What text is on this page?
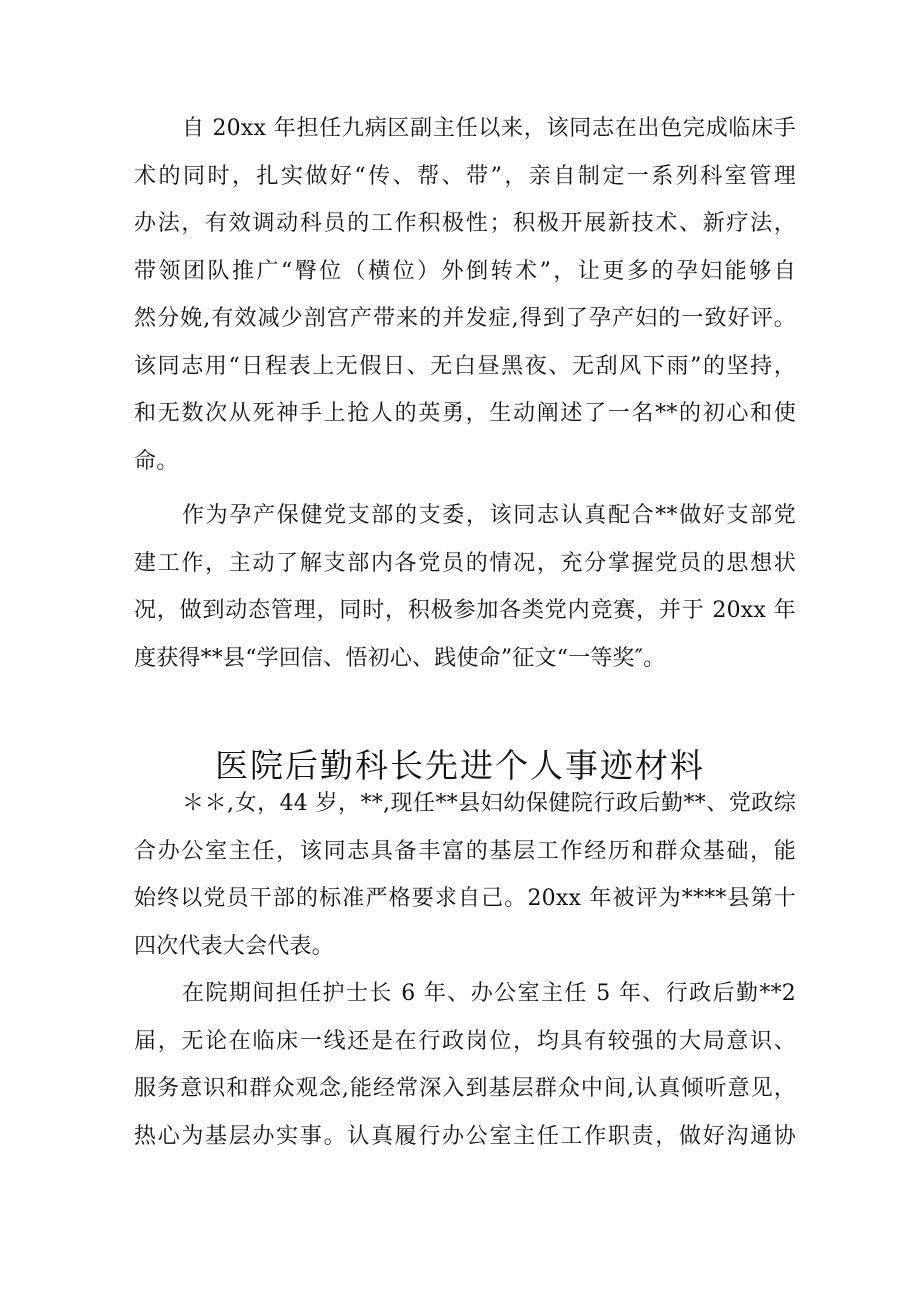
自 20xx 年担任九病区副主任以来，该同志在出色完成临床手
术的同时，扎实做好“传、帮、带”，亲自制定一系列科室管理
办法，有效调动科员的工作积极性；积极开展新技术、新疗法，
带领团队推广“臀位（横位）外倒转术”，让更多的孕妇能够自
然分娩,有效减少剖宫产带来的并发症,得到了孕产妇的一致好评。
该同志用“日程表上无假日、无白昼黑夜、无刮风下雨”的坚持，
和无数次从死神手上抢人的英勇，生动阐述了一名**的初心和使
命。
作为孕产保健党支部的支委，该同志认真配合**做好支部党
建工作，主动了解支部内各党员的情况，充分掌握党员的思想状
况，做到动态管理，同时，积极参加各类党内竞赛，并于 20xx 年
度获得**县“学回信、悟初心、践使命”征文“一等奖″。
医院后勤科长先进个人事迹材料
＊＊,女，44 岁，**,现任**县妇幼保健院行政后勤**、党政综
合办公室主任，该同志具备丰富的基层工作经历和群众基础，能
始终以党员干部的标准严格要求自己。20xx 年被评为****县第十
四次代表大会代表。
在院期间担任护士长 6 年、办公室主任 5 年、行政后勤**2
届，无论在临床一线还是在行政岗位，均具有较强的大局意识、
服务意识和群众观念,能经常深入到基层群众中间,认真倾听意见，
热心为基层办实事。认真履行办公室主任工作职责，做好沟通协
